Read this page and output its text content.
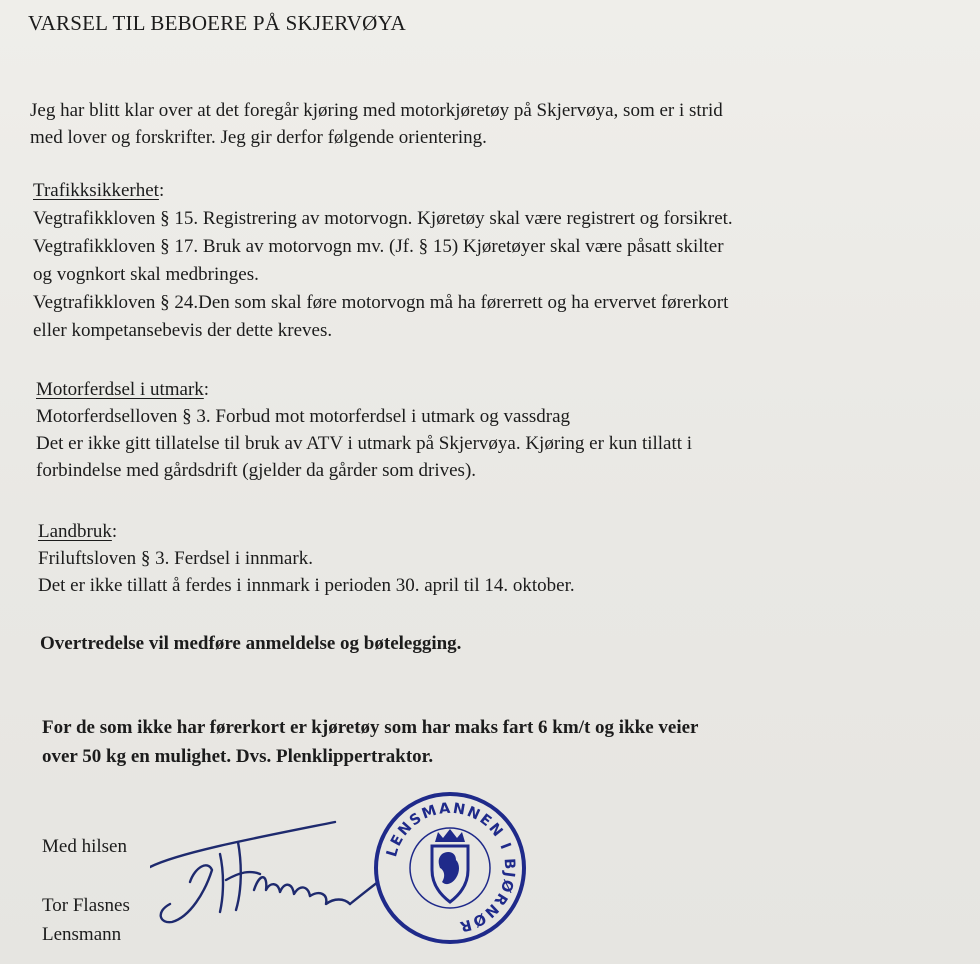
VARSEL TIL BEBOERE PÅ SKJERVØYA
Jeg har blitt klar over at det foregår kjøring med motorkjøretøy på Skjervøya, som er i strid
med lover og forskrifter. Jeg gir derfor følgende orientering.
Trafikksikkerhet:
Vegtrafikkloven § 15. Registrering av motorvogn. Kjøretøy skal være registrert og forsikret.
Vegtrafikkloven § 17. Bruk av motorvogn mv. (Jf. § 15) Kjøretøyer skal være påsatt skilter
og vognkort skal medbringes.
Vegtrafikkloven § 24.Den som skal føre motorvogn må ha førerrett og ha ervervet førerkort
eller kompetansebevis der dette kreves.
Motorferdsel i utmark:
Motorferdselloven § 3. Forbud mot motorferdsel i utmark og vassdrag
Det er ikke gitt tillatelse til bruk av ATV i utmark på Skjervøya. Kjøring er kun tillatt i
forbindelse med gårdsdrift (gjelder da gårder som drives).
Landbruk:
Friluftsloven § 3. Ferdsel i innmark.
Det er ikke tillatt å ferdes i innmark i perioden 30. april til 14. oktober.
Overtredelse vil medføre anmeldelse og bøtelegging.
For de som ikke har førerkort er kjøretøy som har maks fart 6 km/t og ikke veier
over 50 kg en mulighet. Dvs. Plenklippertraktor.
Med hilsen
Tor Flasnes
Lensmann
LENSMANNEN I BJØRNØR
